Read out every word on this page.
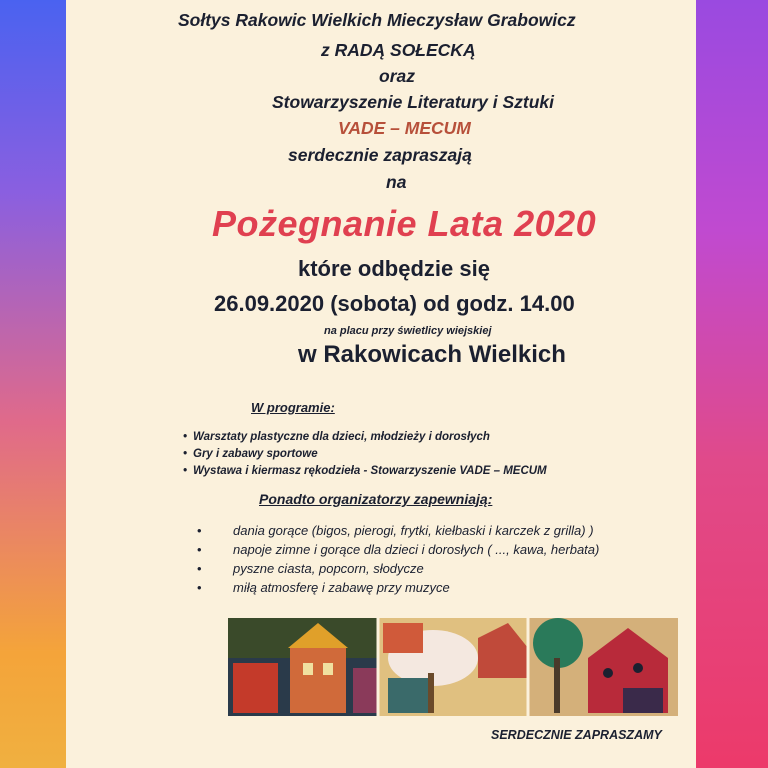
Sołtys Rakowic Wielkich Mieczysław Grabowicz
z RADĄ SOŁECKĄ
oraz
Stowarzyszenie Literatury i Sztuki
VADE – MECUM
serdecznie zapraszają
na
Pożegnanie Lata 2020
które odbędzie się
26.09.2020 (sobota) od godz. 14.00
na placu przy świetlicy wiejskiej
w Rakowicach Wielkich
W programie:
• Warsztaty plastyczne dla dzieci, młodzieży i dorosłych
• Gry i zabawy sportowe
• Wystawa i kiermasz rękodzieła - Stowarzyszenie VADE – MECUM
Ponadto organizatorzy zapewniają:
• dania gorące (bigos, pierogi, frytki, kiełbaski i karczek z grilla) )
• napoje zimne i gorące dla dzieci i dorosłych ( ..., kawa, herbata)
• pyszne ciasta, popcorn, słodycze
• miłą atmosferę i zabawę przy muzyce
SERDECZNIE ZAPRASZAMY
